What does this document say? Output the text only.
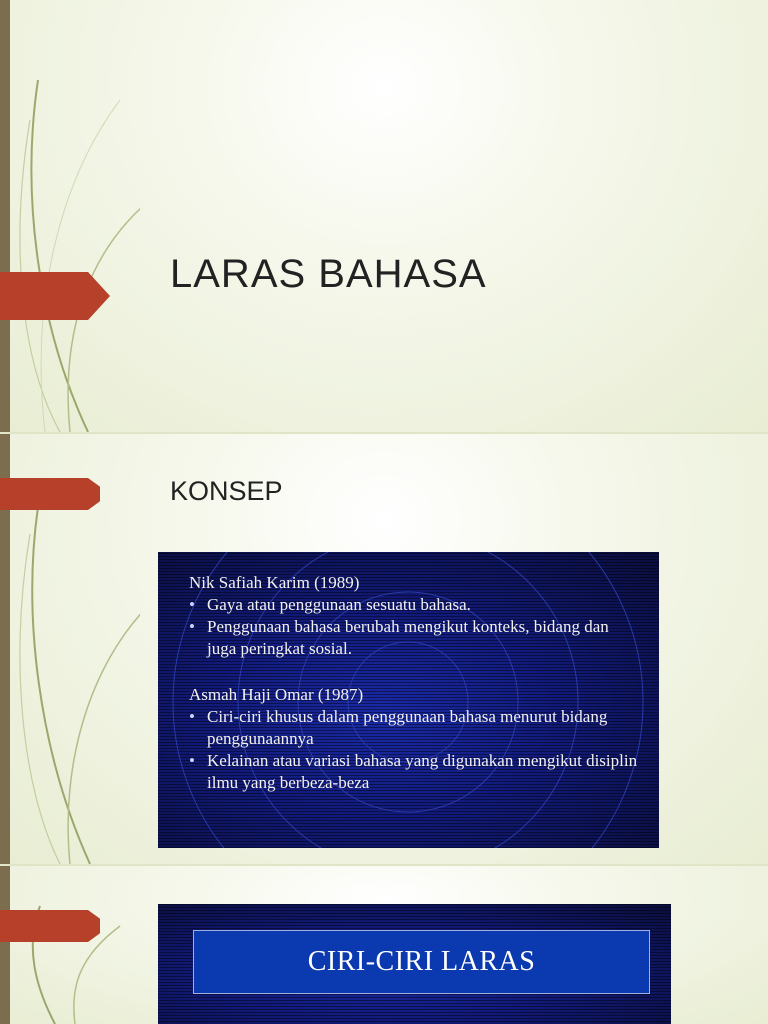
LARAS BAHASA
KONSEP

Nik Safiah Karim (1989)

• Gaya atau penggunaan sesuatu bahasa.
• Penggunaan bahasa berubah mengikut konteks, bidang dan juga peringkat sosial.

Asmah Haji Omar (1987)

• Ciri-ciri khusus dalam penggunaan bahasa menurut bidang penggunaannya
• Kelainan atau variasi bahasa yang digunakan mengikut disiplin ilmu yang berbeza-beza
CIRI-CIRI LARAS
